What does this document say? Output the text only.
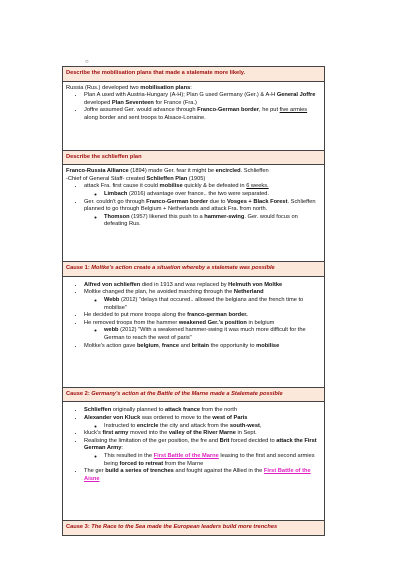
○
Describe the mobilisation plans that made a stalemate more likely.

Russia (Rus.) developed two mobilisation plans:

• Plan A used with Austria-Hungary (A-H); Plan G used Germany (Ger.) & A-H General Joffre developed Plan Seventeen for France (Fra.)
• Joffre assumed Ger. would advance through Franco-German border, he put five armies along border and sent troops to Alsace-Lorraine.

Describe the schlieffen plan

Franco-Russia Alliance (1894) made Ger. fear it might be encircled. Schlieffen

-Chief of General Staff- created Schlieffen Plan (1905)

• attack Fra. first cause it could mobilise quickly & be defeated in 6 weeks.
◦ Limbach (2016) advantage over france.. the two were separated.
• Ger. couldn't go through Franco-German border due to Vosges + Black Forest. Schlieffen planned to go through Belgium + Netherlands and attack Fra. from north.
◦ Thomson (1957) likened this push to a hammer-swing. Ger. would focus on defeating Rus.

Cause 1: Moltke's action create a situation whereby a stalemate was possible

• Alfred von schlieffen died in 1913 and was replaced by Helmuth von Moltke
• Moltke changed the plan, he avoided marching through the Netherland
◦ Webb (2012) "delays that occured.. allowed the belgians and the french time to mobilise"
• He decided to put more troops along the franco-german border.
• He removed troops from the hammer weakened Ger.'s position in belgium
◦ webb (2012) "With a weakened hammer-swing it was much more difficult for the German to reach the west of paris"
• Moltke's action gave belgium, france and britain the opportunity to mobilise

Cause 2: Germany's action at the Battle of the Marne made a Stalemate possible

• Schlieffen originally planned to attack france from the north
• Alexander von Kluck was ordered to move to the west of Paris
◦ Instructed to encircle the city and attack from the south-west,
• kluck's first army moved into the valley of the River Marne in Sept.
• Realising the limitation of the ger position, the fre and Brit forced decided to attack the First German Army:
◦ This resulted in the First Battle of the Marne leasing to the first and second armies being forced to retreat from the Marne
• The ger build a series of trenches and fought against the Allied in the First Battle of the Aisne

Cause 3: The Race to the Sea made the European leaders build more trenches
